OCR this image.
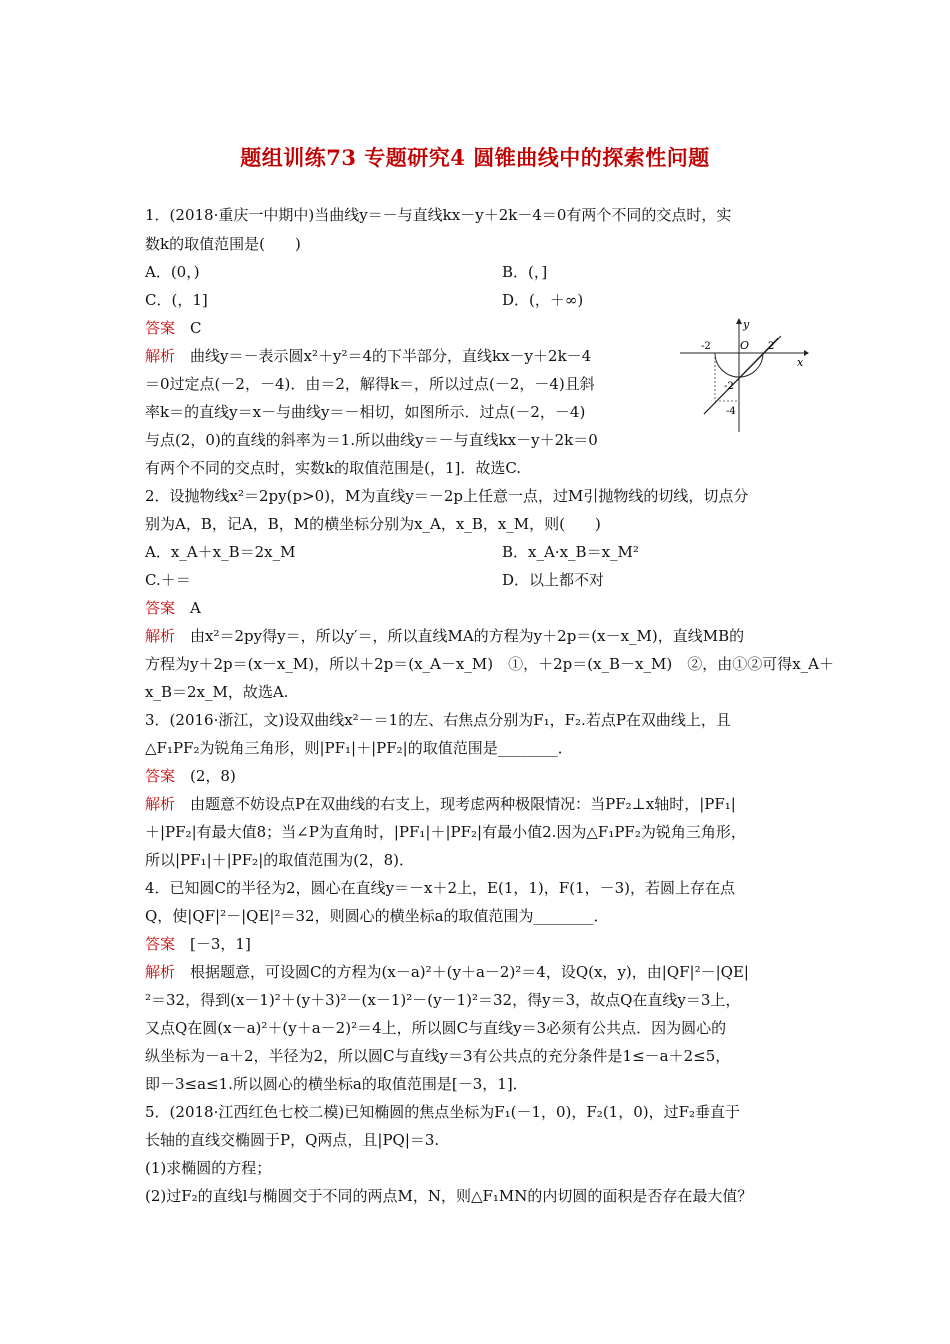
题组训练73 专题研究4 圆锥曲线中的探索性问题
1．(2018·重庆一中期中)当曲线y＝－与直线kx－y＋2k－4＝0有两个不同的交点时，实
数k的取值范围是(　　)
A．(0，)	B．(，]
C．(，1]	D．(，＋∞)
答案　 C
解析　 曲线y＝－表示圆x²＋y²＝4的下半部分，直线kx－y＋2k－4
＝0过定点(－2，－4)．由＝2，解得k＝，所以过点(－2，－4)且斜
率k＝的直线y＝x－与曲线y＝－相切，如图所示．过点(－2，－4)
与点(2，0)的直线的斜率为＝1.所以曲线y＝－与直线kx－y＋2k＝0
有两个不同的交点时，实数k的取值范围是(，1]．故选C.
y
x
O
-2	2
-2
-4
2．设抛物线x²＝2py(p>0)，M为直线y＝－2p上任意一点，过M引抛物线的切线，切点分
别为A，B，记A，B，M的横坐标分别为x_A，x_B，x_M，则(　　)
A．x_A＋x_B＝2x_M	B．x_A·x_B＝x_M²
C.＋＝	D．以上都不对
答案　 A
解析　 由x²＝2py得y＝，所以y′＝，所以直线MA的方程为y＋2p＝(x－x_M)，直线MB的
方程为y＋2p＝(x－x_M)，所以＋2p＝(x_A－x_M)　①，＋2p＝(x_B－x_M)　②，由①②可得x_A＋
x_B＝2x_M，故选A.
3．(2016·浙江，文)设双曲线x²－＝1的左、右焦点分别为F₁，F₂.若点P在双曲线上，且
△F₁PF₂为锐角三角形，则|PF₁|＋|PF₂|的取值范围是________．
答案　 (2，8)
解析　 由题意不妨设点P在双曲线的右支上，现考虑两种极限情况：当PF₂⊥x轴时，|PF₁|
＋|PF₂|有最大值8；当∠P为直角时，|PF₁|＋|PF₂|有最小值2.因为△F₁PF₂为锐角三角形，
所以|PF₁|＋|PF₂|的取值范围为(2，8)．
4．已知圆C的半径为2，圆心在直线y＝－x＋2上，E(1，1)，F(1，－3)，若圆上存在点
Q，使|QF|²－|QE|²＝32，则圆心的横坐标a的取值范围为________．
答案　 [－3，1]
解析　 根据题意，可设圆C的方程为(x－a)²＋(y＋a－2)²＝4，设Q(x，y)，由|QF|²－|QE|
²＝32，得到(x－1)²＋(y＋3)²－(x－1)²－(y－1)²＝32，得y＝3，故点Q在直线y＝3上，
又点Q在圆(x－a)²＋(y＋a－2)²＝4上，所以圆C与直线y＝3必须有公共点．因为圆心的
纵坐标为－a＋2，半径为2，所以圆C与直线y＝3有公共点的充分条件是1≤－a＋2≤5，
即－3≤a≤1.所以圆心的横坐标a的取值范围是[－3，1]．
5．(2018·江西红色七校二模)已知椭圆的焦点坐标为F₁(－1，0)，F₂(1，0)，过F₂垂直于
长轴的直线交椭圆于P，Q两点，且|PQ|＝3.
(1)求椭圆的方程；
(2)过F₂的直线l与椭圆交于不同的两点M，N，则△F₁MN的内切圆的面积是否存在最大值？
